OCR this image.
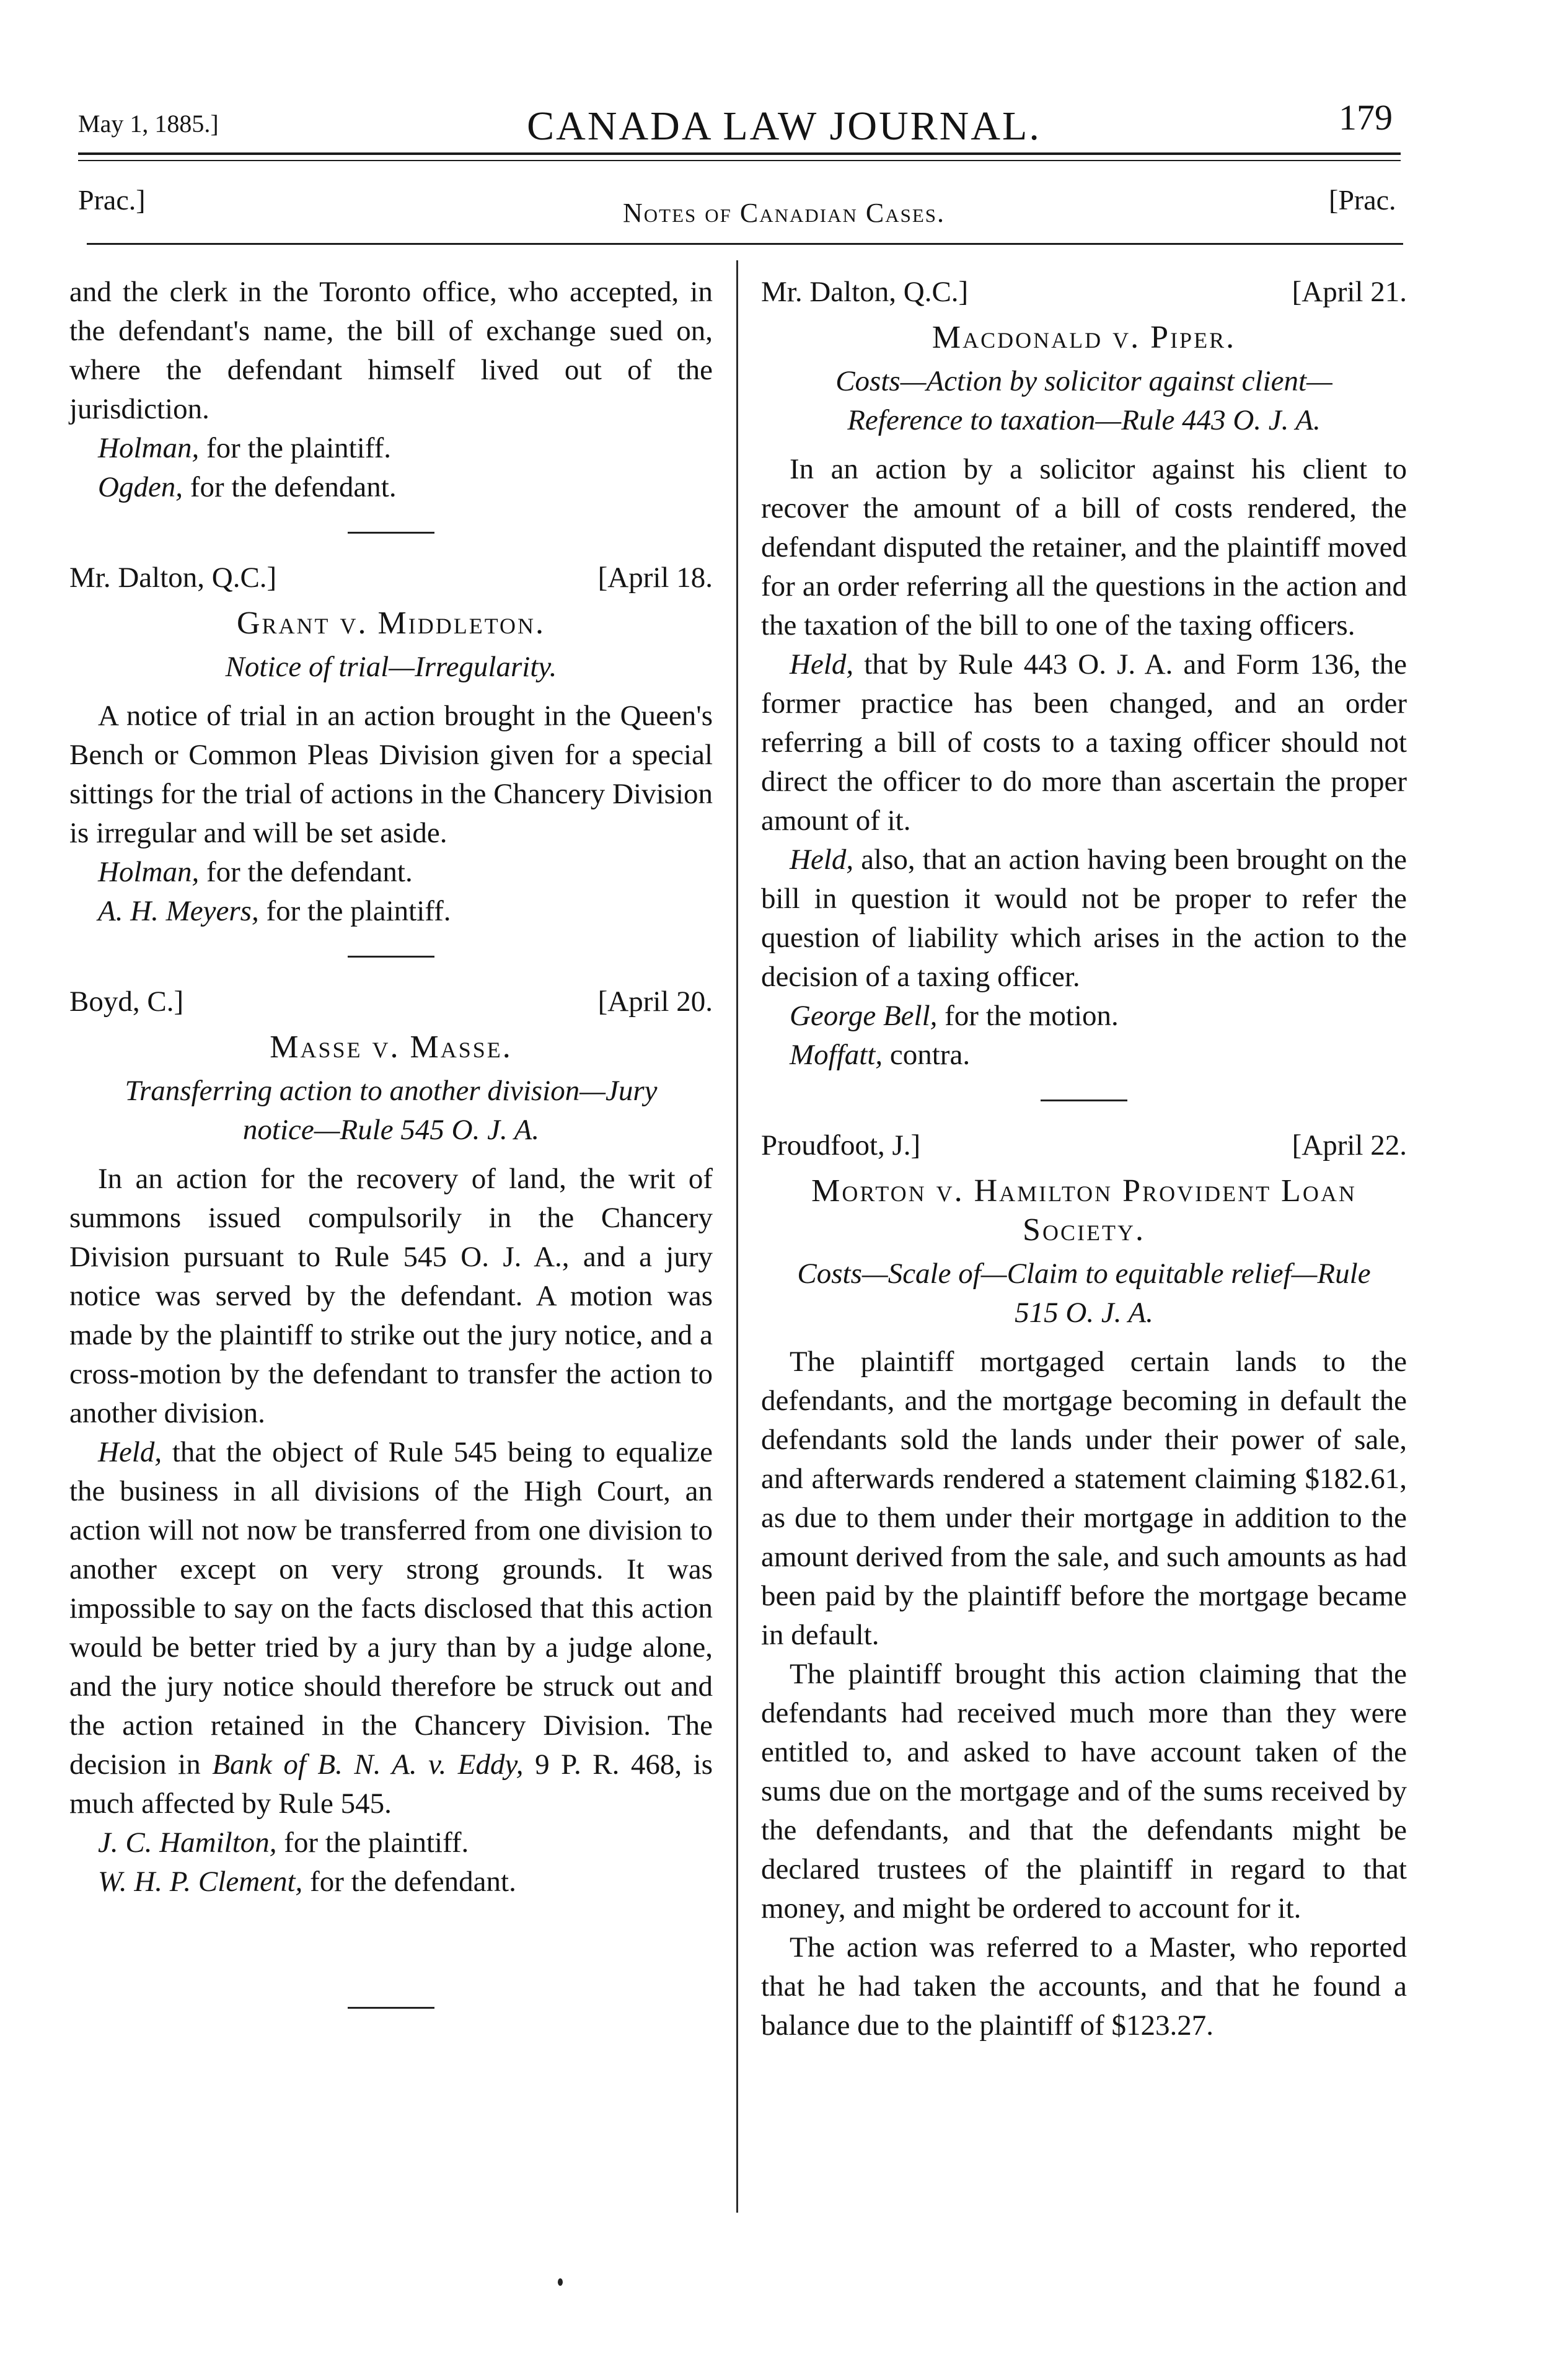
May 1, 1885.]	CANADA LAW JOURNAL.	179
Prac.]	Notes of Canadian Cases.	[Prac.

and the clerk in the Toronto office, who accepted, in the defendant's name, the bill of exchange sued on, where the defendant himself lived out of the jurisdiction.

Holman, for the plaintiff.

Ogden, for the defendant.

Mr. Dalton, Q.C.]	[April 18.
Grant v. Middleton.
Notice of trial—Irregularity.

A notice of trial in an action brought in the Queen's Bench or Common Pleas Division given for a special sittings for the trial of actions in the Chancery Division is irregular and will be set aside.

Holman, for the defendant.

A. H. Meyers, for the plaintiff.

Boyd, C.]	[April 20.
Masse v. Masse.
Transferring action to another division—Jury notice—Rule 545 O. J. A.

In an action for the recovery of land, the writ of summons issued compulsorily in the Chancery Division pursuant to Rule 545 O. J. A., and a jury notice was served by the defendant. A motion was made by the plaintiff to strike out the jury notice, and a cross-motion by the defendant to transfer the action to another division.

Held, that the object of Rule 545 being to equalize the business in all divisions of the High Court, an action will not now be transferred from one division to another except on very strong grounds. It was impossible to say on the facts disclosed that this action would be better tried by a jury than by a judge alone, and the jury notice should therefore be struck out and the action retained in the Chancery Division. The decision in Bank of B. N. A. v. Eddy, 9 P. R. 468, is much affected by Rule 545.

J. C. Hamilton, for the plaintiff.

W. H. P. Clement, for the defendant.

Mr. Dalton, Q.C.]	[April 21.
Macdonald v. Piper.
Costs—Action by solicitor against client—Reference to taxation—Rule 443 O. J. A.

In an action by a solicitor against his client to recover the amount of a bill of costs rendered, the defendant disputed the retainer, and the plaintiff moved for an order referring all the questions in the action and the taxation of the bill to one of the taxing officers.

Held, that by Rule 443 O. J. A. and Form 136, the former practice has been changed, and an order referring a bill of costs to a taxing officer should not direct the officer to do more than ascertain the proper amount of it.

Held, also, that an action having been brought on the bill in question it would not be proper to refer the question of liability which arises in the action to the decision of a taxing officer.

George Bell, for the motion.

Moffatt, contra.

Proudfoot, J.]	[April 22.
Morton v. Hamilton Provident Loan Society.
Costs—Scale of—Claim to equitable relief—Rule 515 O. J. A.

The plaintiff mortgaged certain lands to the defendants, and the mortgage becoming in default the defendants sold the lands under their power of sale, and afterwards rendered a statement claiming $182.61, as due to them under their mortgage in addition to the amount derived from the sale, and such amounts as had been paid by the plaintiff before the mortgage became in default.

The plaintiff brought this action claiming that the defendants had received much more than they were entitled to, and asked to have account taken of the sums due on the mortgage and of the sums received by the defendants, and that the defendants might be declared trustees of the plaintiff in regard to that money, and might be ordered to account for it.

The action was referred to a Master, who reported that he had taken the accounts, and that he found a balance due to the plaintiff of $123.27.
